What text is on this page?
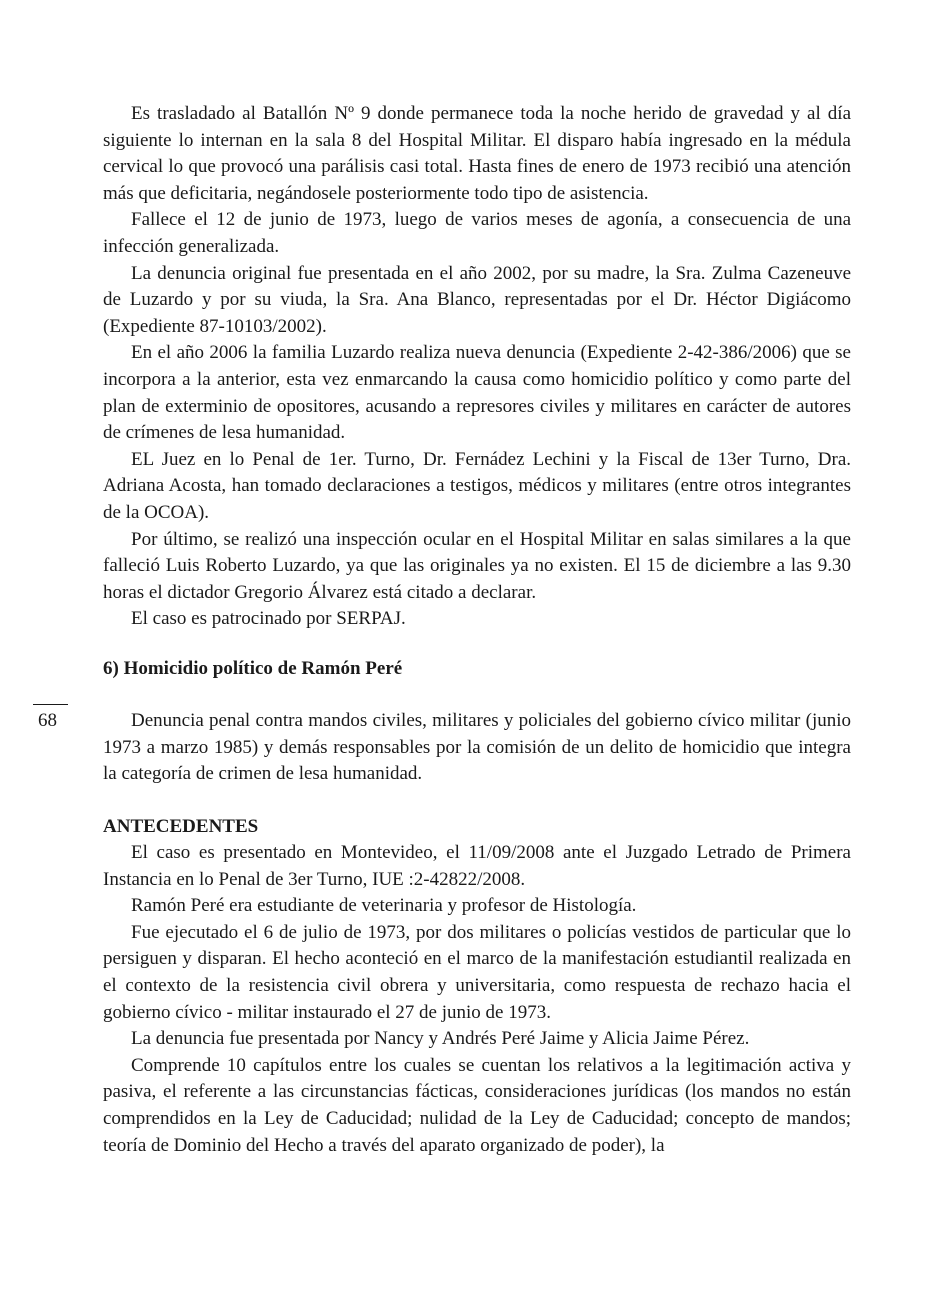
Es trasladado al Batallón Nº 9 donde permanece toda la noche herido de gravedad y al día siguiente lo internan en la sala 8 del Hospital Militar. El disparo había ingresado en la médula cervical lo que provocó una parálisis casi total. Hasta fines de enero de 1973 recibió una atención más que deficitaria, negándosele posteriormente todo tipo de asistencia.

Fallece el 12 de junio de 1973, luego de varios meses de agonía, a consecuencia de una infección generalizada.

La denuncia original fue presentada en el año 2002, por su madre, la Sra. Zulma Cazeneuve de Luzardo y por su viuda, la Sra. Ana Blanco, representadas por el Dr. Héctor Digiácomo (Expediente 87-10103/2002).

En el año 2006 la familia Luzardo realiza nueva denuncia (Expediente 2-42-386/2006) que se incorpora a la anterior, esta vez enmarcando la causa como homicidio político y como parte del plan de exterminio de opositores, acusando a represores civiles y militares en carácter de autores de crímenes de lesa humanidad.

EL Juez en lo Penal de 1er. Turno, Dr. Fernádez Lechini y la Fiscal de 13er Turno, Dra. Adriana Acosta, han tomado declaraciones a testigos, médicos y militares (entre otros integrantes de la OCOA).

Por último, se realizó una inspección ocular en el Hospital Militar en salas similares a la que falleció Luis Roberto Luzardo, ya que las originales ya no existen. El 15 de diciembre a las 9.30 horas el dictador Gregorio Álvarez está citado a declarar.

El caso es patrocinado por SERPAJ.

6) Homicidio político de Ramón Peré
68	Denuncia penal contra mandos civiles, militares y policiales del gobierno cívico militar (junio 1973 a marzo 1985) y demás responsables por la comisión de un delito de homicidio que integra la categoría de crimen de lesa humanidad.

ANTECEDENTES

El caso es presentado en Montevideo, el 11/09/2008 ante el Juzgado Letrado de Primera Instancia en lo Penal de 3er Turno, IUE :2-42822/2008.

Ramón Peré era estudiante de veterinaria y profesor de Histología.

Fue ejecutado el 6 de julio de 1973, por dos militares o policías vestidos de particular que lo persiguen y disparan. El hecho aconteció en el marco de la manifestación estudiantil realizada en el contexto de la resistencia civil obrera y universitaria, como respuesta de rechazo hacia el gobierno cívico - militar instaurado el 27 de junio de 1973.

La denuncia fue presentada por Nancy y Andrés Peré Jaime y Alicia Jaime Pérez.

Comprende 10 capítulos entre los cuales se cuentan los relativos a la legitimación activa y pasiva, el referente a las circunstancias fácticas, consideraciones jurídicas (los mandos no están comprendidos en la Ley de Caducidad; nulidad de la Ley de Caducidad; concepto de mandos; teoría de Dominio del Hecho a través del aparato organizado de poder), la
